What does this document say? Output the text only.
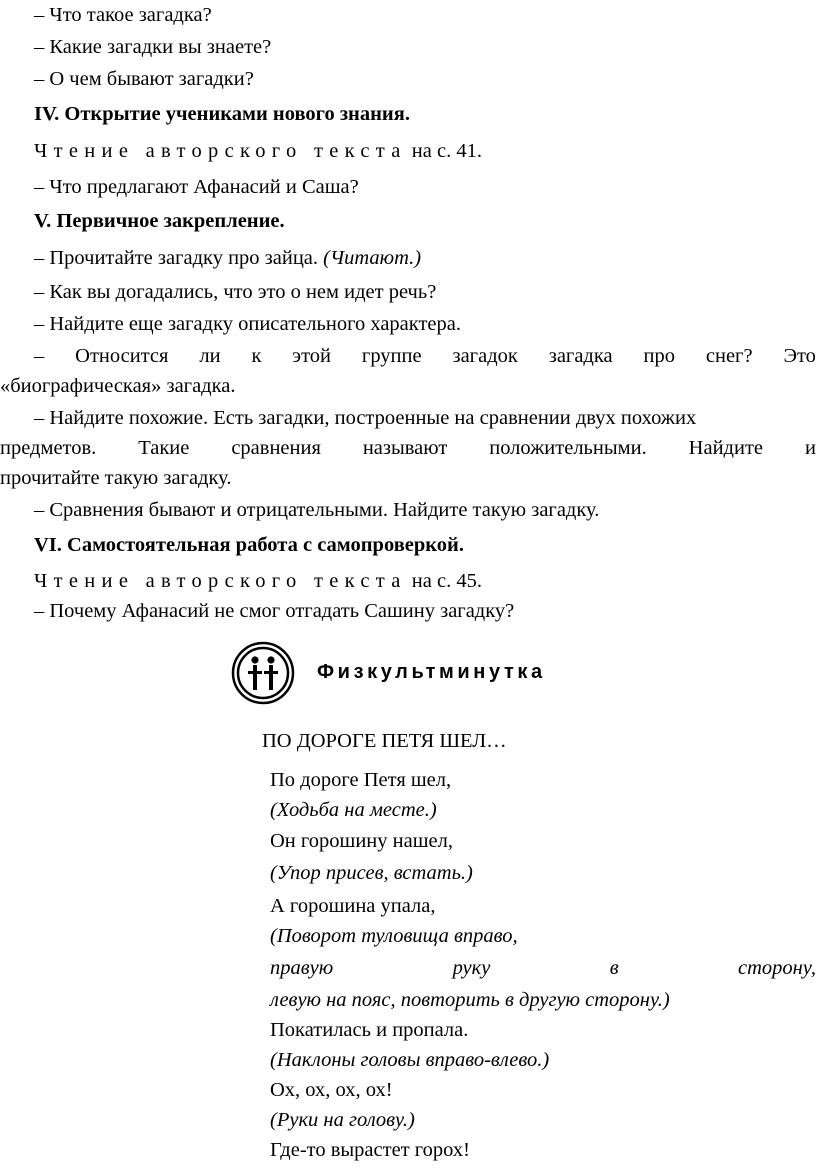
– Что такое загадка?
– Какие загадки вы знаете?
– О чем бывают загадки?
IV. Открытие учениками нового знания.
Чтение авторского текста на с. 41.
– Что предлагают Афанасий и Саша?
V. Первичное закрепление.
– Прочитайте загадку про зайца. (Читают.)
– Как вы догадались, что это о нем идет речь?
– Найдите еще загадку описательного характера.
– Относится ли к этой группе загадок загадка про снег? Это
«биографическая» загадка.
– Найдите похожие. Есть загадки, построенные на сравнении двух похожих
предметов. Такие сравнения называют положительными. Найдите и
прочитайте такую загадку.
– Сравнения бывают и отрицательными. Найдите такую загадку.
VI. Самостоятельная работа с самопроверкой.
Чтение авторского текста на с. 45.
– Почему Афанасий не смог отгадать Сашину загадку?
Физкультминутка
ПО ДОРОГЕ ПЕТЯ ШЕЛ…
По дороге Петя шел,
(Ходьба на месте.)
Он горошину нашел,
(Упор присев, встать.)
А горошина упала,
(Поворот туловища вправо,
правую	руку	в	сторону,
левую на пояс, повторить в другую сторону.)
Покатилась и пропала.
(Наклоны головы вправо-влево.)
Ох, ох, ох, ох!
(Руки на голову.)
Где-то вырастет горох!
